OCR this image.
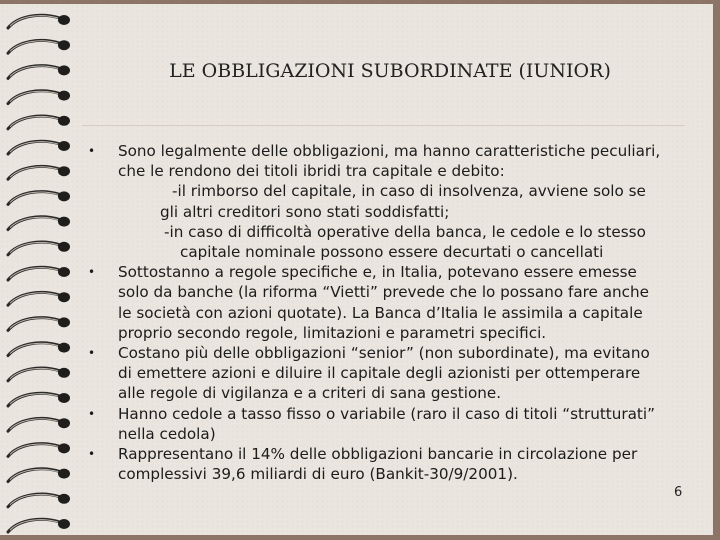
LE OBBLIGAZIONI SUBORDINATE (IUNIOR)
• Sono legalmente delle obbligazioni, ma hanno caratteristiche peculiari,
che le rendono dei titoli ibridi tra capitale e debito:
-il rimborso del capitale, in caso di insolvenza, avviene solo se
gli altri creditori sono stati soddisfatti;
-in caso di difficoltà operative della banca, le cedole e lo stesso
capitale nominale possono essere decurtati o cancellati
• Sottostanno a regole specifiche e, in Italia, potevano essere emesse
solo da banche (la riforma “Vietti” prevede che lo possano fare anche
le società con azioni quotate). La Banca d’Italia le assimila a capitale
proprio secondo regole, limitazioni e parametri specifici.
• Costano più delle obbligazioni “senior” (non subordinate), ma evitano
di emettere azioni e diluire il capitale degli azionisti per ottemperare
alle regole di vigilanza e a criteri di sana gestione.
• Hanno cedole a tasso fisso o variabile (raro il caso di titoli “strutturati”
nella cedola)
• Rappresentano il 14% delle obbligazioni bancarie in circolazione per
complessivi 39,6 miliardi di euro (Bankit-30/9/2001).
6
